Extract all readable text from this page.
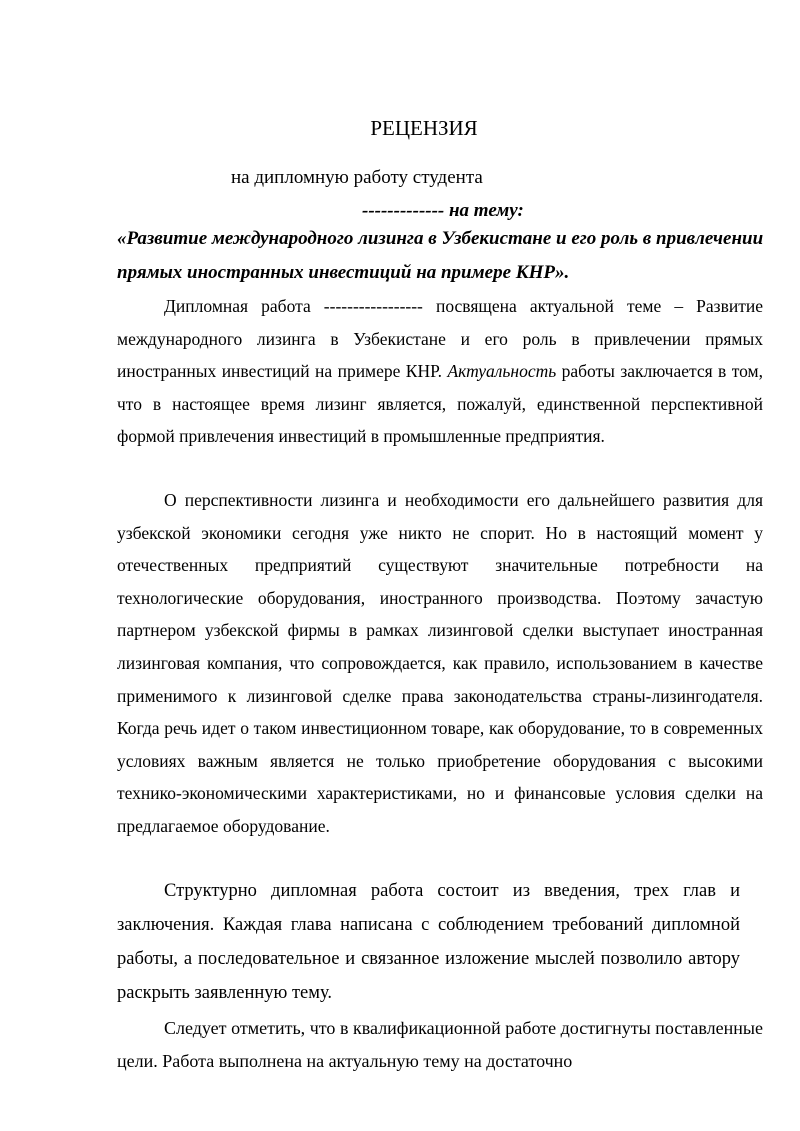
РЕЦЕНЗИЯ
на дипломную работу студента
------------- на тему:
«Развитие международного лизинга в Узбекистане и его роль в привлечении прямых иностранных инвестиций на примере КНР».

Дипломная работа ----------------- посвящена актуальной теме – Развитие международного лизинга в Узбекистане и его роль в привлечении прямых иностранных инвестиций на примере КНР. Актуальность работы заключается в том, что в настоящее время лизинг является, пожалуй, единственной перспективной формой привлечения инвестиций в промышленные предприятия.

О перспективности лизинга и необходимости его дальнейшего развития для узбекской экономики сегодня уже никто не спорит. Но в настоящий момент у отечественных предприятий существуют значительные потребности на технологические оборудования, иностранного производства. Поэтому зачастую партнером узбекской фирмы в рамках лизинговой сделки выступает иностранная лизинговая компания, что сопровождается, как правило, использованием в качестве применимого к лизинговой сделке права законодательства страны-лизингодателя. Когда речь идет о таком инвестиционном товаре, как оборудование, то в современных условиях важным является не только приобретение оборудования с высокими технико-экономическими характеристиками, но и финансовые условия сделки на предлагаемое оборудование.

Структурно дипломная работа состоит из введения, трех глав и заключения. Каждая глава написана с соблюдением требований дипломной работы, а последовательное и связанное изложение мыслей позволило автору раскрыть заявленную тему.

Следует отметить, что в квалификационной работе достигнуты поставленные цели. Работа выполнена на актуальную тему на достаточно
